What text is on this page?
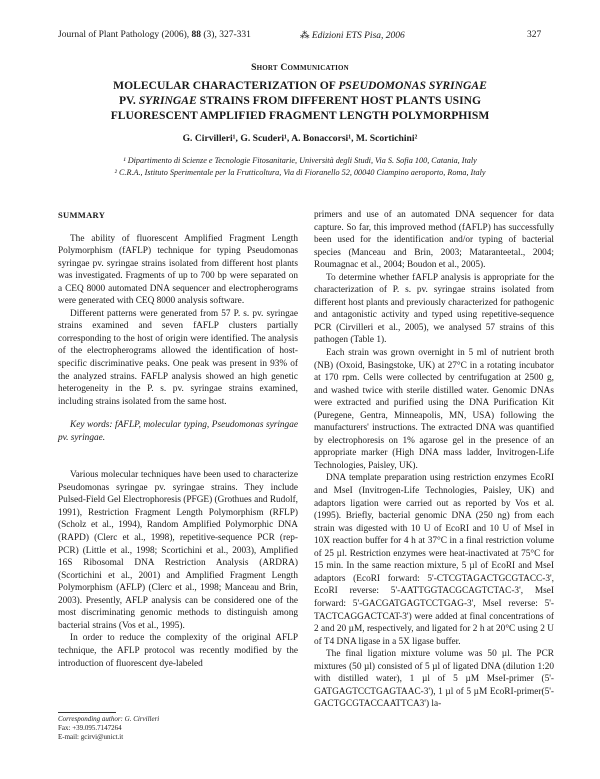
Journal of Plant Pathology (2006), 88 (3), 327-331	⁂ Edizioni ETS Pisa, 2006	327
Short Communication
MOLECULAR CHARACTERIZATION OF PSEUDOMONAS SYRINGAE
PV. SYRINGAE STRAINS FROM DIFFERENT HOST PLANTS USING
FLUORESCENT AMPLIFIED FRAGMENT LENGTH POLYMORPHISM
G. Cirvilleri¹, G. Scuderi¹, A. Bonaccorsi¹, M. Scortichini²
¹ Dipartimento di Scienze e Tecnologie Fitosanitarie, Università degli Studi, Via S. Sofia 100, Catania, Italy
² C.R.A., Istituto Sperimentale per la Frutticoltura, Via di Fioranello 52, 00040 Ciampino aeroporto, Roma, Italy

SUMMARY

The ability of fluorescent Amplified Fragment Length Polymorphism (fAFLP) technique for typing Pseudomonas syringae pv. syringae strains isolated from different host plants was investigated. Fragments of up to 700 bp were separated on a CEQ 8000 automated DNA sequencer and electropherograms were generated with CEQ 8000 analysis software.

Different patterns were generated from 57 P. s. pv. syringae strains examined and seven fAFLP clusters partially corresponding to the host of origin were identified. The analysis of the electropherograms allowed the identification of host-specific discriminative peaks. One peak was present in 93% of the analyzed strains. FAFLP analysis showed an high genetic heterogeneity in the P. s. pv. syringae strains examined, including strains isolated from the same host.

Key words: fAFLP, molecular typing, Pseudomonas syringae pv. syringae.

Various molecular techniques have been used to characterize Pseudomonas syringae pv. syringae strains. They include Pulsed-Field Gel Electrophoresis (PFGE) (Grothues and Rudolf, 1991), Restriction Fragment Length Polymorphism (RFLP) (Scholz et al., 1994), Random Amplified Polymorphic DNA (RAPD) (Clerc et al., 1998), repetitive-sequence PCR (rep-PCR) (Little et al., 1998; Scortichini et al., 2003), Amplified 16S Ribosomal DNA Restriction Analysis (ARDRA) (Scortichini et al., 2001) and Amplified Fragment Length Polymorphism (AFLP) (Clerc et al., 1998; Manceau and Brin, 2003). Presently, AFLP analysis can be considered one of the most discriminating genomic methods to distinguish among bacterial strains (Vos et al., 1995).

In order to reduce the complexity of the original AFLP technique, the AFLP protocol was recently modified by the introduction of fluorescent dye-labeled

Corresponding author: G. Cirvilleri
Fax: +39.095.7147264
E-mail: gcirvi@unict.it

primers and use of an automated DNA sequencer for data capture. So far, this improved method (fAFLP) has successfully been used for the identification and/or typing of bacterial species (Manceau and Brin, 2003; Mataranteetal., 2004; Roumagnac et al., 2004; Boudon et al., 2005).

To determine whether fAFLP analysis is appropriate for the characterization of P. s. pv. syringae strains isolated from different host plants and previously characterized for pathogenic and antagonistic activity and typed using repetitive-sequence PCR (Cirvilleri et al., 2005), we analysed 57 strains of this pathogen (Table 1).

Each strain was grown overnight in 5 ml of nutrient broth (NB) (Oxoid, Basingstoke, UK) at 27°C in a rotating incubator at 170 rpm. Cells were collected by centrifugation at 2500 g, and washed twice with sterile distilled water. Genomic DNAs were extracted and purified using the DNA Purification Kit (Puregene, Gentra, Minneapolis, MN, USA) following the manufacturers' instructions. The extracted DNA was quantified by electrophoresis on 1% agarose gel in the presence of an appropriate marker (High DNA mass ladder, Invitrogen-Life Technologies, Paisley, UK).

DNA template preparation using restriction enzymes EcoRI and MseI (Invitrogen-Life Technologies, Paisley, UK) and adaptors ligation were carried out as reported by Vos et al. (1995). Briefly, bacterial genomic DNA (250 ng) from each strain was digested with 10 U of EcoRI and 10 U of MseI in 10X reaction buffer for 4 h at 37°C in a final restriction volume of 25 µl. Restriction enzymes were heat-inactivated at 75°C for 15 min. In the same reaction mixture, 5 µl of EcoRI and MseI adaptors (EcoRI forward: 5'-CTCGTAGACTGCGTACC-3', EcoRI reverse: 5'-AATTGGTACGCAGTCTAC-3', MseI forward: 5'-GACGATGAGTCCTGAG-3', MseI reverse: 5'-TACTCAGGACTCAT-3') were added at final concentrations of 2 and 20 µM, respectively, and ligated for 2 h at 20°C using 2 U of T4 DNA ligase in a 5X ligase buffer.

The final ligation mixture volume was 50 µl. The PCR mixtures (50 µl) consisted of 5 µl of ligated DNA (dilution 1:20 with distilled water), 1 µl of 5 µM MseI-primer (5'-GATGAGTCCTGAGTAAC-3'), 1 µl of 5 µM EcoRI-primer(5'-GACTGCGTACCAATTCA3') la-
